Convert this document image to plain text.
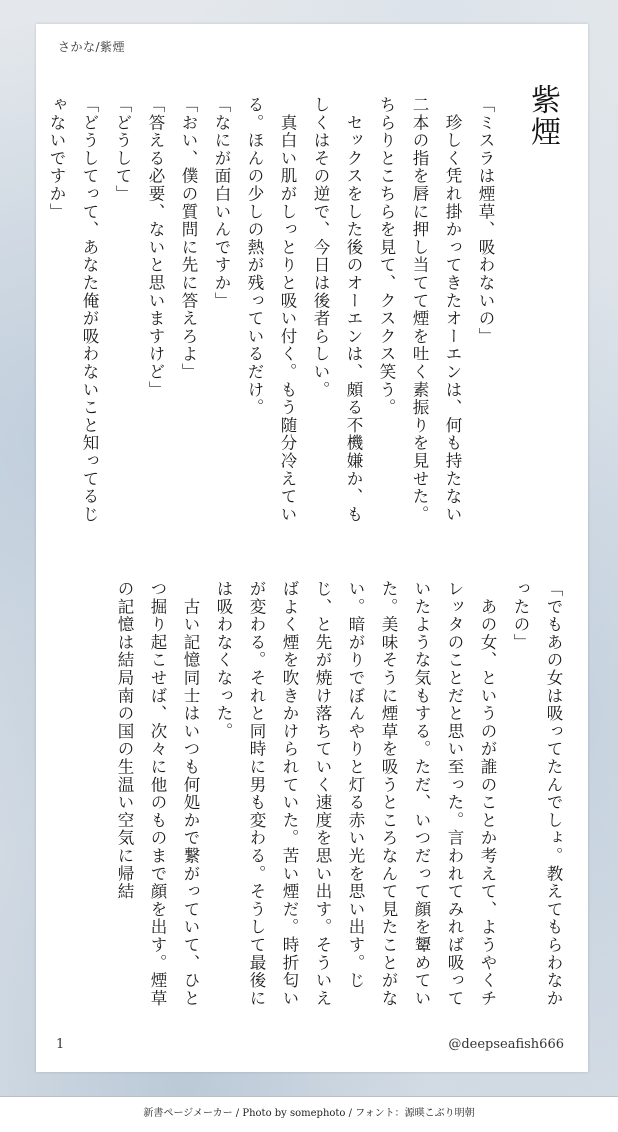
さかな/紫煙
紫煙

「ミスラは煙草、吸わないの」

　珍しく凭れ掛かってきたオーエンは、何も持たない二本の指を唇に押し当てて煙を吐く素振りを見せた。ちらりとこちらを見て、クスクス笑う。

　セックスをした後のオーエンは、頗る不機嫌か、もしくはその逆で、今日は後者らしい。

　真白い肌がしっとりと吸い付く。もう随分冷えている。ほんの少しの熱が残っているだけ。

「なにが面白いんですか」

「おい、僕の質問に先に答えろよ」

「答える必要、ないと思いますけど」

「どうして」

「どうしてって、あなた俺が吸わないこと知ってるじゃないですか」

「でもあの女は吸ってたんでしょ。教えてもらわなかったの」

　あの女、というのが誰のことか考えて、ようやくチレッタのことだと思い至った。言われてみれば吸っていたような気もする。ただ、いつだって顔を顰めていた。美味そうに煙草を吸うところなんて見たことがない。暗がりでぼんやりと灯る赤い光を思い出す。じじ、と先が焼け落ちていく速度を思い出す。そういえばよく煙を吹きかけられていた。苦い煙だ。時折匂いが変わる。それと同時に男も変わる。そうして最後には吸わなくなった。

　古い記憶同士はいつも何処かで繋がっていて、ひとつ掘り起こせば、次々に他のものまで顔を出す。煙草の記憶は結局南の国の生温い空気に帰結

1	@deepseafish666
新書ページメーカー / Photo by somephoto / フォント：源暎こぶり明朝
